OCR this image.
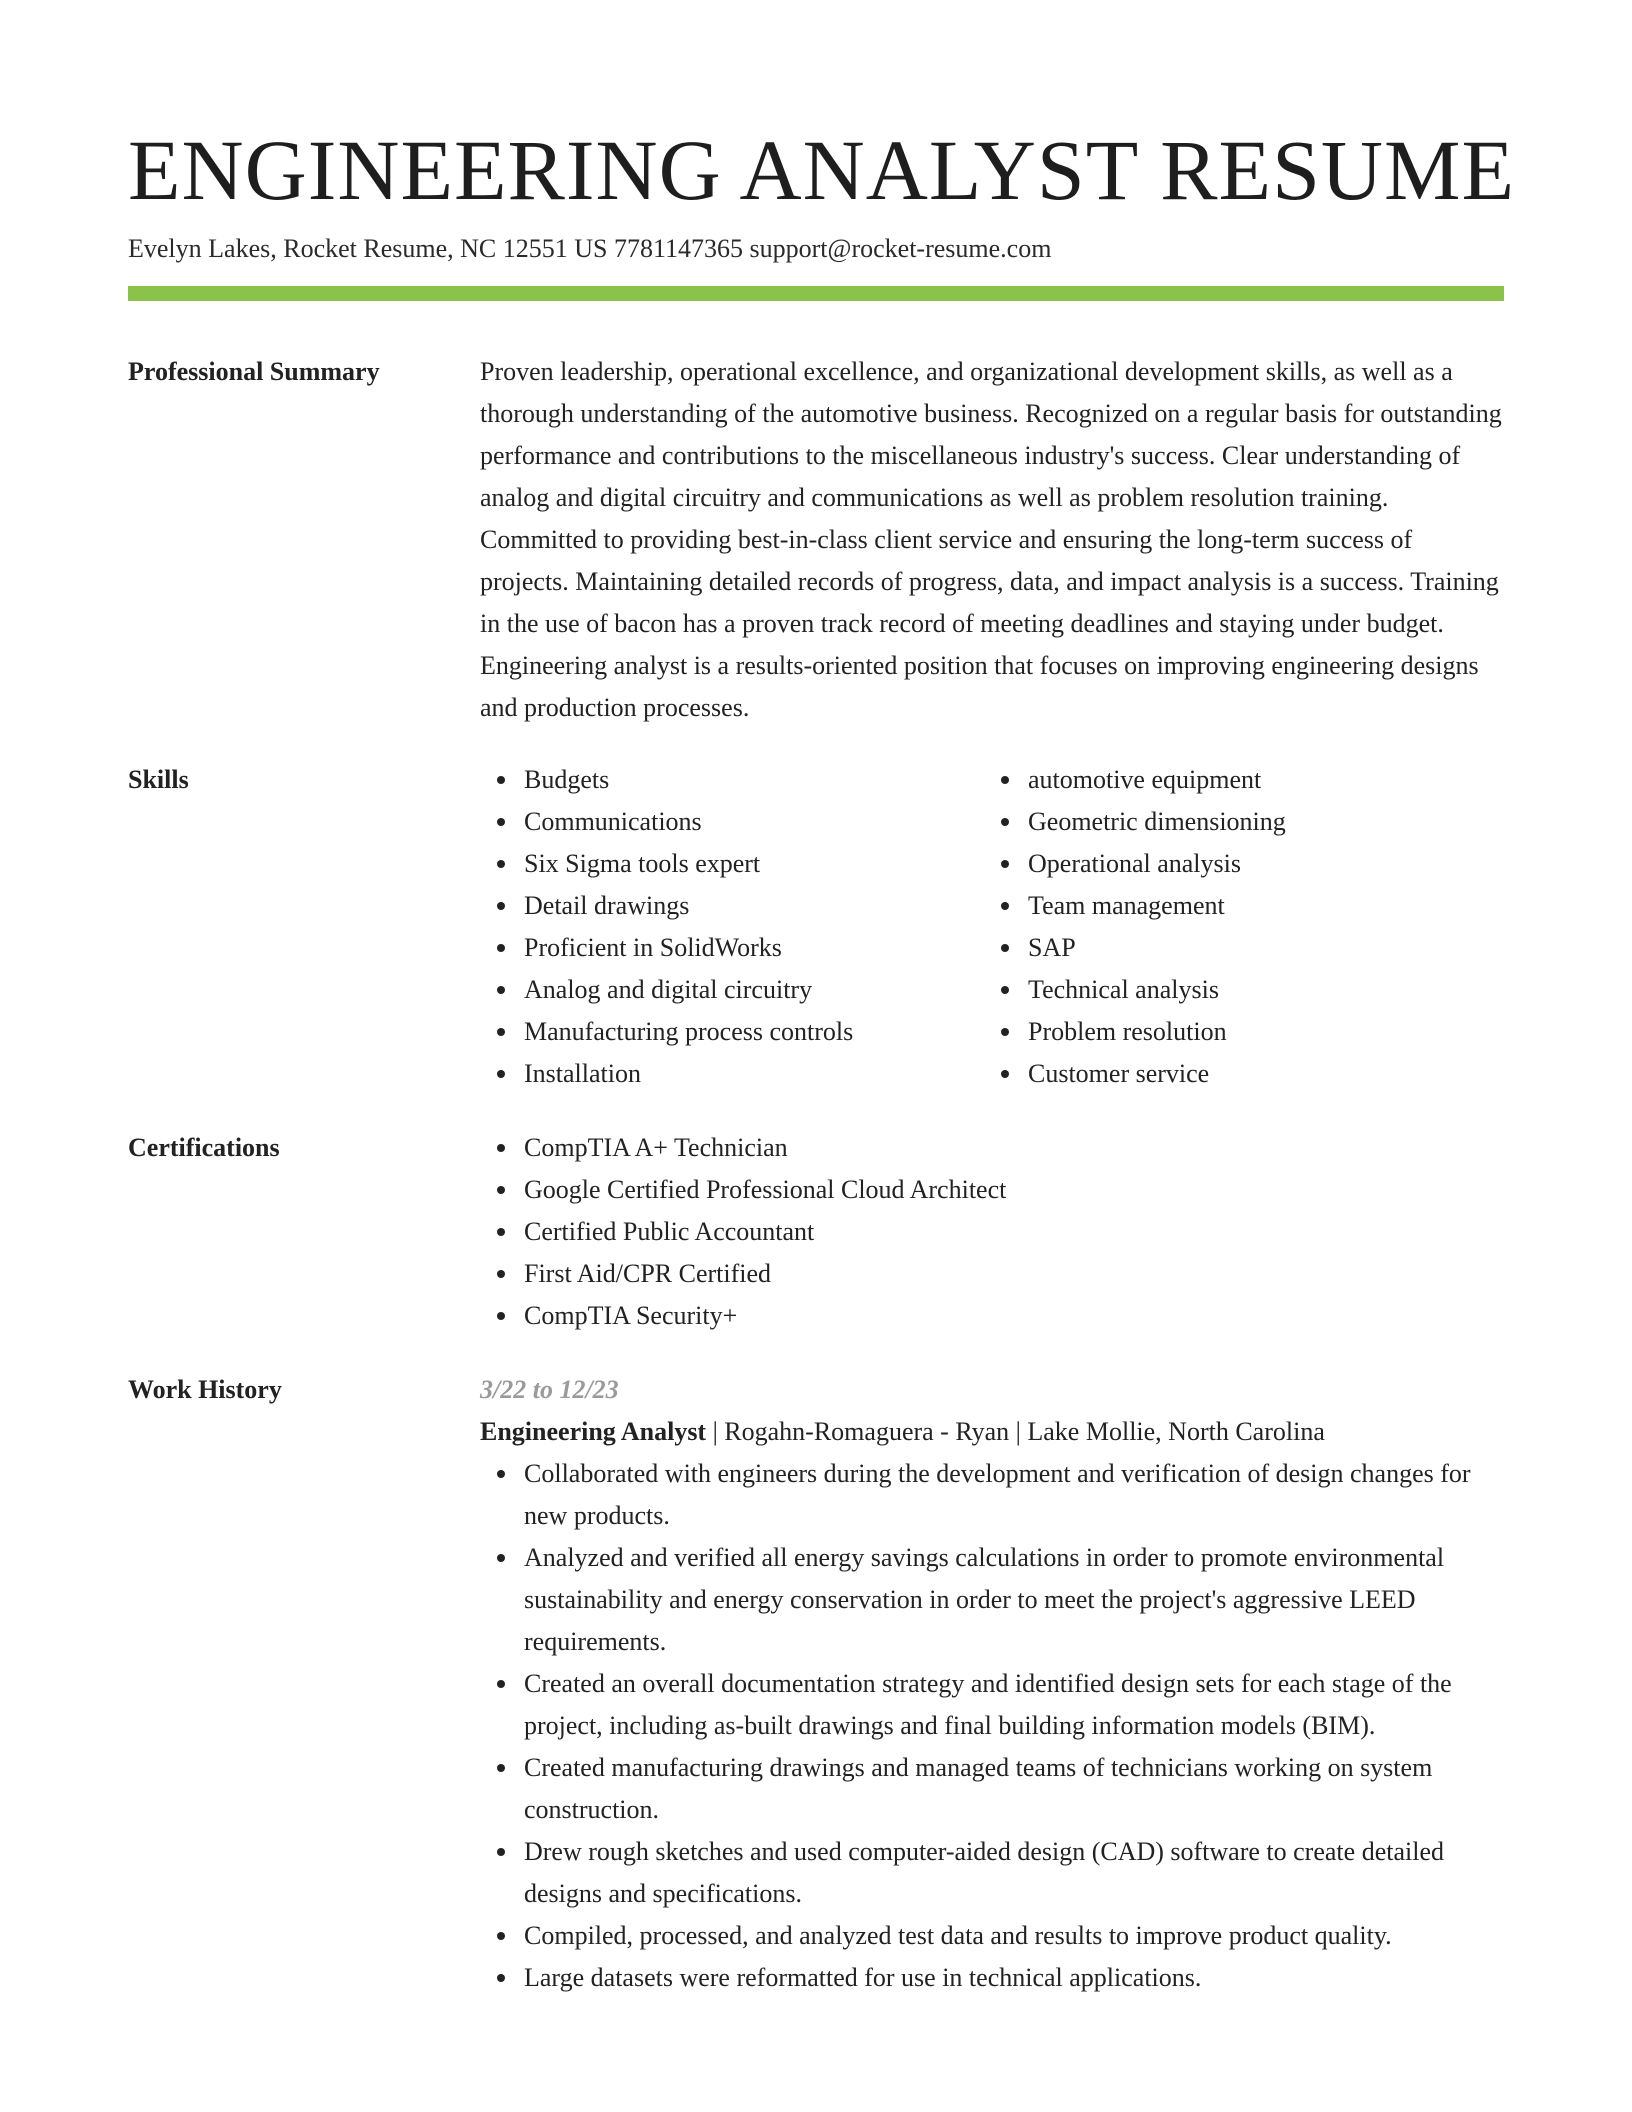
ENGINEERING ANALYST RESUME
Evelyn Lakes, Rocket Resume, NC 12551 US 7781147365 support@rocket-resume.com
Professional Summary	Proven leadership, operational excellence, and organizational development skills, as well as a thorough understanding of the automotive business. Recognized on a regular basis for outstanding performance and contributions to the miscellaneous industry's success. Clear understanding of analog and digital circuitry and communications as well as problem resolution training. Committed to providing best-in-class client service and ensuring the long-term success of projects. Maintaining detailed records of progress, data, and impact analysis is a success. Training in the use of bacon has a proven track record of meeting deadlines and staying under budget. Engineering analyst is a results-oriented position that focuses on improving engineering designs and production processes.

Skills	Budgets
Communications
Six Sigma tools expert
Detail drawings
Proficient in SolidWorks
Analog and digital circuitry
Manufacturing process controls
Installation
automotive equipment
Geometric dimensioning
Operational analysis
Team management
SAP
Technical analysis
Problem resolution
Customer service
Certifications	CompTIA A+ Technician
Google Certified Professional Cloud Architect
Certified Public Accountant
First Aid/CPR Certified
CompTIA Security+
Work History	3/22 to 12/23
Engineering Analyst | Rogahn-Romaguera - Ryan | Lake Mollie, North Carolina
Collaborated with engineers during the development and verification of design changes for new products.
Analyzed and verified all energy savings calculations in order to promote environmental sustainability and energy conservation in order to meet the project's aggressive LEED requirements.
Created an overall documentation strategy and identified design sets for each stage of the project, including as-built drawings and final building information models (BIM).
Created manufacturing drawings and managed teams of technicians working on system construction.
Drew rough sketches and used computer-aided design (CAD) software to create detailed designs and specifications.
Compiled, processed, and analyzed test data and results to improve product quality.
Large datasets were reformatted for use in technical applications.
